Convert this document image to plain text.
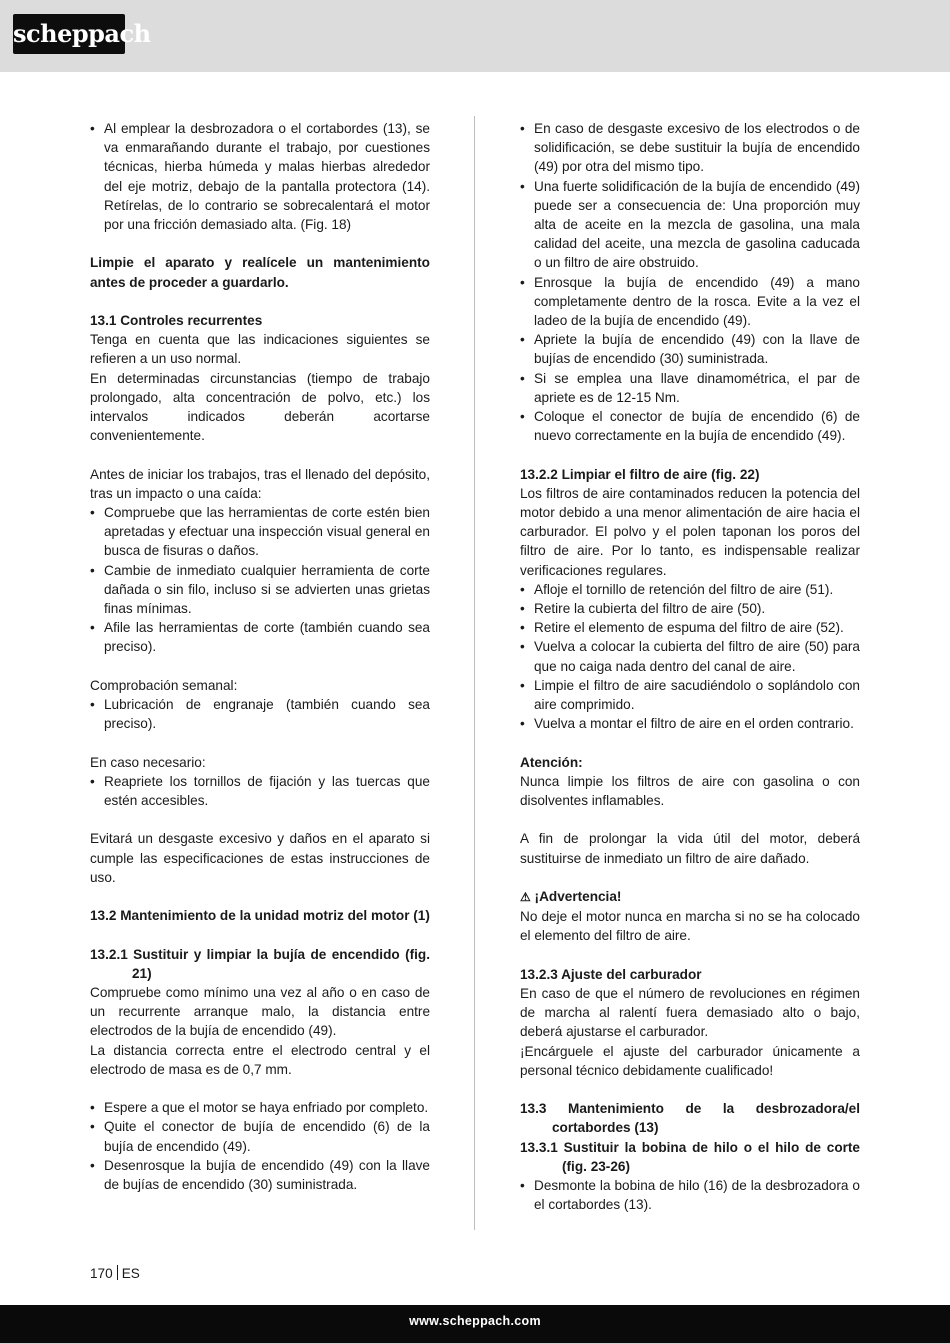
scheppach
• Al emplear la desbrozadora o el cortabordes (13), se va enmarañando durante el trabajo, por cuestiones técnicas, hierba húmeda y malas hierbas alrededor del eje motriz, debajo de la pantalla protectora (14). Retírelas, de lo contrario se sobrecalentará el motor por una fricción demasiado alta. (Fig. 18)

Limpie el aparato y realícele un mantenimiento antes de proceder a guardarlo.

13.1 Controles recurrentes

Tenga en cuenta que las indicaciones siguientes se refieren a un uso normal.

En determinadas circunstancias (tiempo de trabajo prolongado, alta concentración de polvo, etc.) los intervalos indicados deberán acortarse convenientemente.

Antes de iniciar los trabajos, tras el llenado del depósito, tras un impacto o una caída:

• Compruebe que las herramientas de corte estén bien apretadas y efectuar una inspección visual general en busca de fisuras o daños.
• Cambie de inmediato cualquier herramienta de corte dañada o sin filo, incluso si se advierten unas grietas finas mínimas.
• Afile las herramientas de corte (también cuando sea preciso).

Comprobación semanal:

• Lubricación de engranaje (también cuando sea preciso).

En caso necesario:

• Reapriete los tornillos de fijación y las tuercas que estén accesibles.

Evitará un desgaste excesivo y daños en el aparato si cumple las especificaciones de estas instrucciones de uso.

13.2 Mantenimiento de la unidad motriz del motor (1)

13.2.1 Sustituir y limpiar la bujía de encendido (fig. 21)

Compruebe como mínimo una vez al año o en caso de un recurrente arranque malo, la distancia entre electrodos de la bujía de encendido (49).

La distancia correcta entre el electrodo central y el electrodo de masa es de 0,7 mm.

• Espere a que el motor se haya enfriado por completo.
• Quite el conector de bujía de encendido (6) de la bujía de encendido (49).
• Desenrosque la bujía de encendido (49) con la llave de bujías de encendido (30) suministrada.
• En caso de desgaste excesivo de los electrodos o de solidificación, se debe sustituir la bujía de encendido (49) por otra del mismo tipo.
• Una fuerte solidificación de la bujía de encendido (49) puede ser a consecuencia de: Una proporción muy alta de aceite en la mezcla de gasolina, una mala calidad del aceite, una mezcla de gasolina caducada o un filtro de aire obstruido.
• Enrosque la bujía de encendido (49) a mano completamente dentro de la rosca. Evite a la vez el ladeo de la bujía de encendido (49).
• Apriete la bujía de encendido (49) con la llave de bujías de encendido (30) suministrada.
• Si se emplea una llave dinamométrica, el par de apriete es de 12-15 Nm.
• Coloque el conector de bujía de encendido (6) de nuevo correctamente en la bujía de encendido (49).

13.2.2 Limpiar el filtro de aire (fig. 22)

Los filtros de aire contaminados reducen la potencia del motor debido a una menor alimentación de aire hacia el carburador. El polvo y el polen taponan los poros del filtro de aire. Por lo tanto, es indispensable realizar verificaciones regulares.

• Afloje el tornillo de retención del filtro de aire (51).
• Retire la cubierta del filtro de aire (50).
• Retire el elemento de espuma del filtro de aire (52).
• Vuelva a colocar la cubierta del filtro de aire (50) para que no caiga nada dentro del canal de aire.
• Limpie el filtro de aire sacudiéndolo o soplándolo con aire comprimido.
• Vuelva a montar el filtro de aire en el orden contrario.

Atención:

Nunca limpie los filtros de aire con gasolina o con disolventes inflamables.

A fin de prolongar la vida útil del motor, deberá sustituirse de inmediato un filtro de aire dañado.

⚠ ¡Advertencia!

No deje el motor nunca en marcha si no se ha colocado el elemento del filtro de aire.

13.2.3 Ajuste del carburador

En caso de que el número de revoluciones en régimen de marcha al ralentí fuera demasiado alto o bajo, deberá ajustarse el carburador.

¡Encárguele el ajuste del carburador únicamente a personal técnico debidamente cualificado!

13.3 Mantenimiento de la desbrozadora/el cortabordes (13)

13.3.1 Sustituir la bobina de hilo o el hilo de corte (fig. 23-26)

• Desmonte la bobina de hilo (16) de la desbrozadora o el cortabordes (13).
170 ES
www.scheppach.com
